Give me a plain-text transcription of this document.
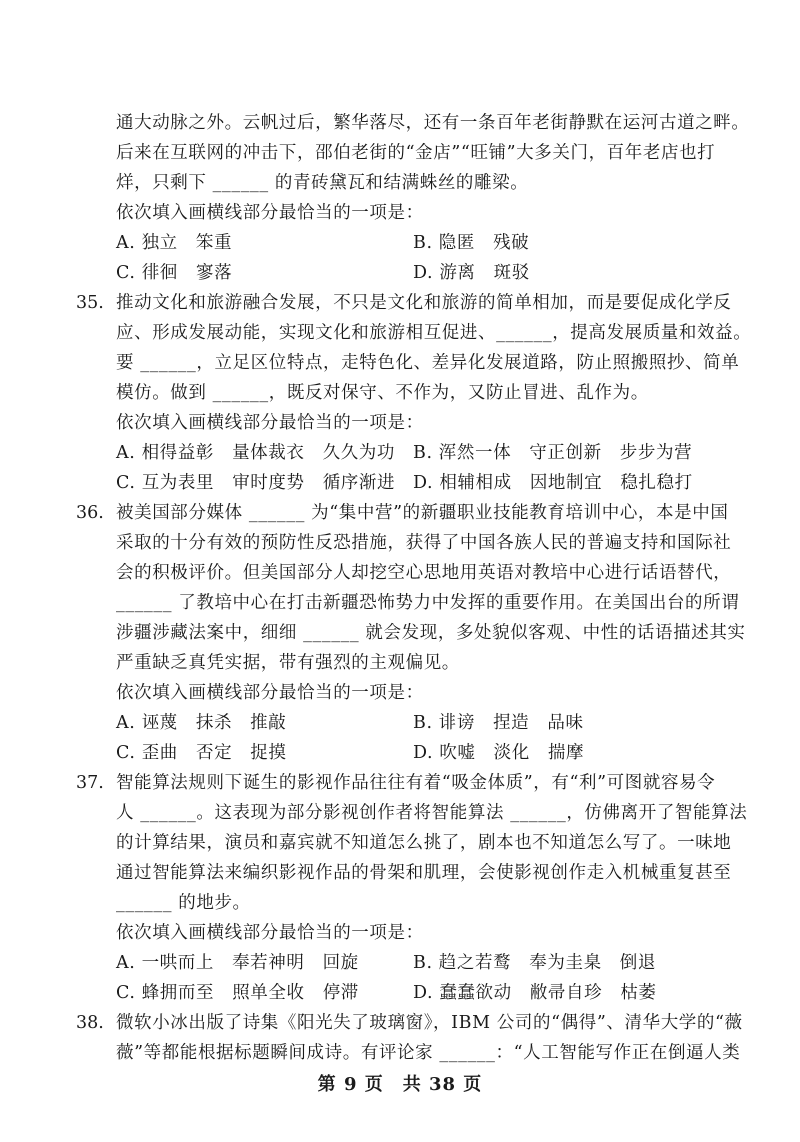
通大动脉之外。云帆过后，繁华落尽，还有一条百年老街静默在运河古道之畔。
后来在互联网的冲击下，邵伯老街的“金店”“旺铺”大多关门，百年老店也打
烊，只剩下 ______ 的青砖黛瓦和结满蛛丝的雕梁。
依次填入画横线部分最恰当的一项是：
A. 独立　笨重	B. 隐匿　残破
C. 徘徊　寥落	D. 游离　斑驳
35. 推动文化和旅游融合发展，不只是文化和旅游的简单相加，而是要促成化学反
应、形成发展动能，实现文化和旅游相互促进、______，提高发展质量和效益。
要 ______，立足区位特点，走特色化、差异化发展道路，防止照搬照抄、简单
模仿。做到 ______，既反对保守、不作为，又防止冒进、乱作为。
依次填入画横线部分最恰当的一项是：
A. 相得益彰　量体裁衣　久久为功	B. 浑然一体　守正创新　步步为营
C. 互为表里　审时度势　循序渐进	D. 相辅相成　因地制宜　稳扎稳打
36. 被美国部分媒体 ______ 为“集中营”的新疆职业技能教育培训中心，本是中国
采取的十分有效的预防性反恐措施，获得了中国各族人民的普遍支持和国际社
会的积极评价。但美国部分人却挖空心思地用英语对教培中心进行话语替代，
______ 了教培中心在打击新疆恐怖势力中发挥的重要作用。在美国出台的所谓
涉疆涉藏法案中，细细 ______ 就会发现，多处貌似客观、中性的话语描述其实
严重缺乏真凭实据，带有强烈的主观偏见。
依次填入画横线部分最恰当的一项是：
A. 诬蔑　抹杀　推敲	B. 诽谤　捏造　品味
C. 歪曲　否定　捉摸	D. 吹嘘　淡化　揣摩
37. 智能算法规则下诞生的影视作品往往有着“吸金体质”，有“利”可图就容易令
人 ______。这表现为部分影视创作者将智能算法 ______，仿佛离开了智能算法
的计算结果，演员和嘉宾就不知道怎么挑了，剧本也不知道怎么写了。一味地
通过智能算法来编织影视作品的骨架和肌理，会使影视创作走入机械重复甚至
______ 的地步。
依次填入画横线部分最恰当的一项是：
A. 一哄而上　奉若神明　回旋	B. 趋之若鹜　奉为圭臬　倒退
C. 蜂拥而至　照单全收　停滞	D. 蠢蠢欲动　敝帚自珍　枯萎
38. 微软小冰出版了诗集《阳光失了玻璃窗》，IBM 公司的“偶得”、清华大学的“薇
薇”等都能根据标题瞬间成诗。有评论家 ______：“人工智能写作正在倒逼人类
第 9 页　共 38 页
